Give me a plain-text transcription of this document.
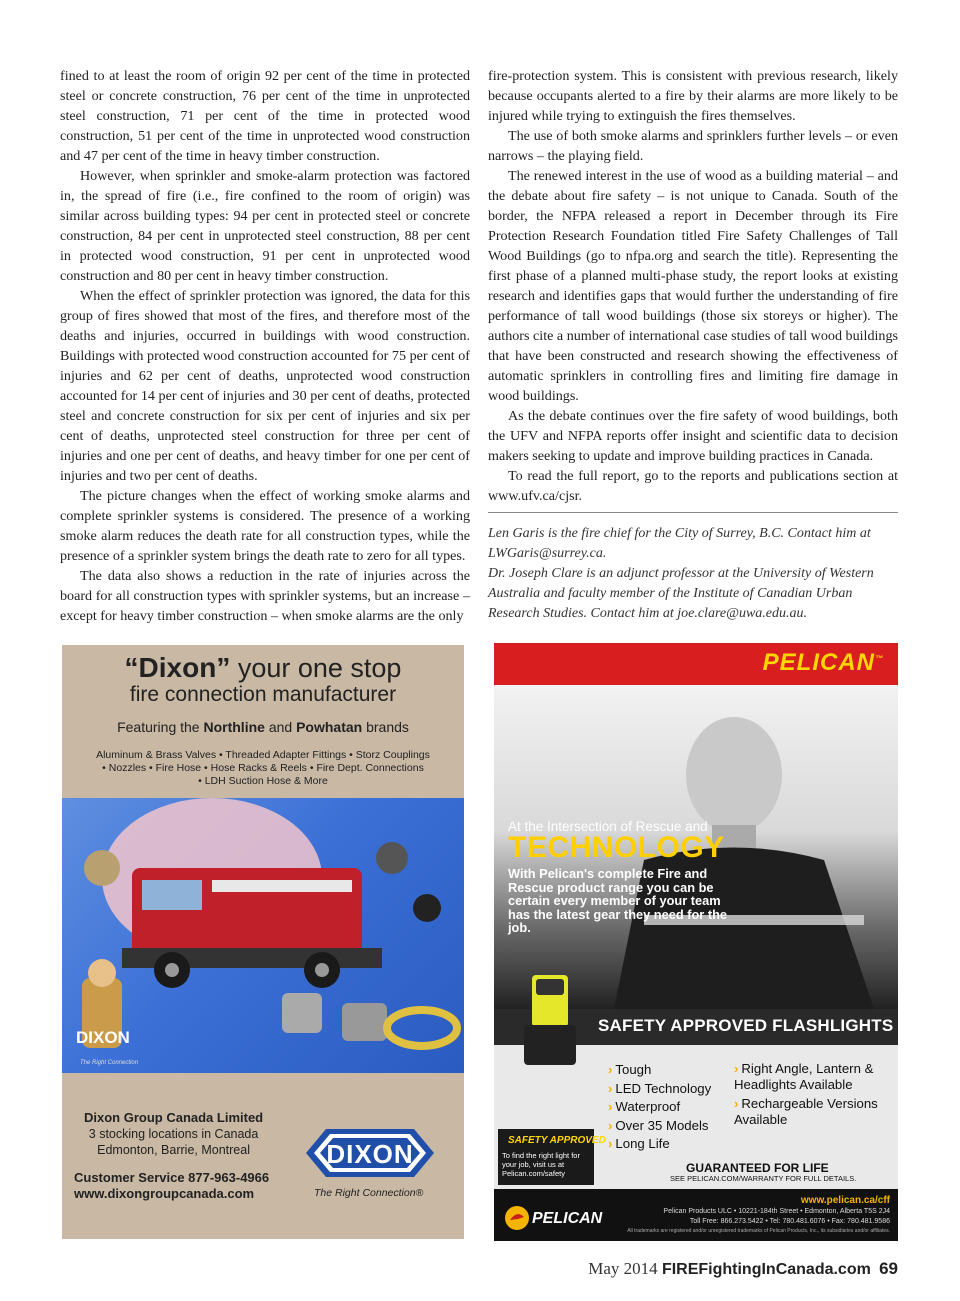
fined to at least the room of origin 92 per cent of the time in protected steel or concrete construction, 76 per cent of the time in unprotected steel construction, 71 per cent of the time in protected wood construction, 51 per cent of the time in unprotected wood construction and 47 per cent of the time in heavy timber construction.

However, when sprinkler and smoke-alarm protection was factored in, the spread of fire (i.e., fire confined to the room of origin) was similar across building types: 94 per cent in protected steel or concrete construction, 84 per cent in unprotected steel construction, 88 per cent in protected wood construction, 91 per cent in unprotected wood construction and 80 per cent in heavy timber construction.

When the effect of sprinkler protection was ignored, the data for this group of fires showed that most of the fires, and therefore most of the deaths and injuries, occurred in buildings with wood construction. Buildings with protected wood construction accounted for 75 per cent of injuries and 62 per cent of deaths, unprotected wood construction accounted for 14 per cent of injuries and 30 per cent of deaths, protected steel and concrete construction for six per cent of injuries and six per cent of deaths, unprotected steel construction for three per cent of injuries and one per cent of deaths, and heavy timber for one per cent of injuries and two per cent of deaths.

The picture changes when the effect of working smoke alarms and complete sprinkler systems is considered. The presence of a working smoke alarm reduces the death rate for all construction types, while the presence of a sprinkler system brings the death rate to zero for all types.

The data also shows a reduction in the rate of injuries across the board for all construction types with sprinkler systems, but an increase – except for heavy timber construction – when smoke alarms are the only

fire-protection system. This is consistent with previous research, likely because occupants alerted to a fire by their alarms are more likely to be injured while trying to extinguish the fires themselves.

The use of both smoke alarms and sprinklers further levels – or even narrows – the playing field.

The renewed interest in the use of wood as a building material – and the debate about fire safety – is not unique to Canada. South of the border, the NFPA released a report in December through its Fire Protection Research Foundation titled Fire Safety Challenges of Tall Wood Buildings (go to nfpa.org and search the title). Representing the first phase of a planned multi-phase study, the report looks at existing research and identifies gaps that would further the understanding of fire performance of tall wood buildings (those six storeys or higher). The authors cite a number of international case studies of tall wood buildings that have been constructed and research showing the effectiveness of automatic sprinklers in controlling fires and limiting fire damage in wood buildings.

As the debate continues over the fire safety of wood buildings, both the UFV and NFPA reports offer insight and scientific data to decision makers seeking to update and improve building practices in Canada.

To read the full report, go to the reports and publications section at www.ufv.ca/cjsr.

Len Garis is the fire chief for the City of Surrey, B.C. Contact him at LWGaris@surrey.ca.

Dr. Joseph Clare is an adjunct professor at the University of Western Australia and faculty member of the Institute of Canadian Urban Research Studies. Contact him at joe.clare@uwa.edu.au.

“Dixon” your one stop
fire connection manufacturer
Featuring the Northline and Powhatan brands
Aluminum & Brass Valves • Threaded Adapter Fittings • Storz Couplings
• Nozzles • Fire Hose • Hose Racks & Reels • Fire Dept. Connections
• LDH Suction Hose & More
DIXON
The Right Connection
Dixon Group Canada Limited
3 stocking locations in Canada
Edmonton, Barrie, Montreal
Customer Service 877-963-4966
www.dixongroupcanada.com
DIXON
The Right Connection®
PELICAN™
At the Intersection of Rescue and
TECHNOLOGY
With Pelican's complete Fire and Rescue product range you can be certain every member of your team has the latest gear they need for the job.
SAFETY APPROVED FLASHLIGHTS
› Tough
› LED Technology
› Waterproof
› Over 35 Models
› Long Life
› Right Angle, Lantern & Headlights Available
› Rechargeable Versions Available
SAFETY APPROVED
To find the right light for your job, visit us at Pelican.com/safety	GUARANTEED FOR LIFE
SEE PELICAN.COM/WARRANTY FOR FULL DETAILS.
PELICAN
www.pelican.ca/cff
Pelican Products ULC • 10221-184th Street • Edmonton, Alberta T5S 2J4
Toll Free: 866.273.5422 • Tel: 780.481.6076 • Fax: 780.481.9586
All trademarks are registered and/or unregistered trademarks of Pelican Products, Inc., its subsidiaries and/or affiliates.
May 2014 FIREFightingInCanada.com 69
